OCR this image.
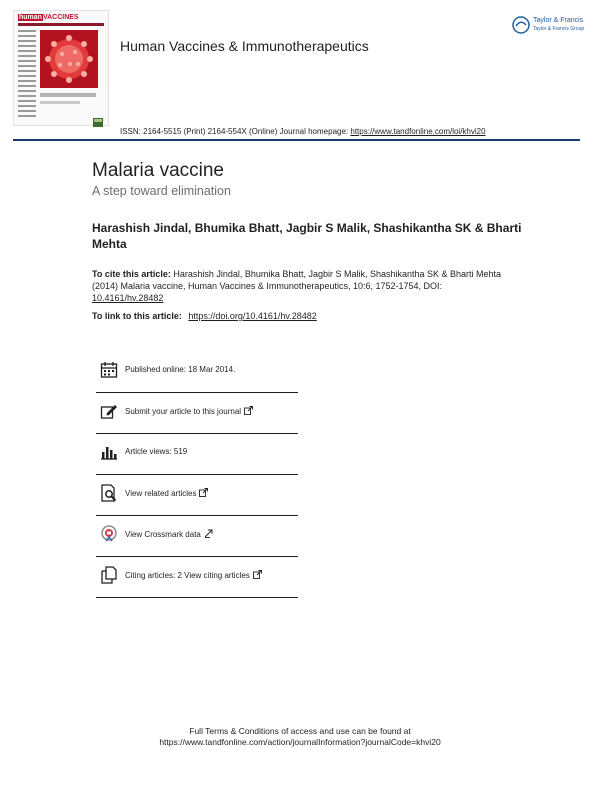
humanVACCINES	Taylor & Francis
Taylor & Francis Group
Human Vaccines & Immunotherapeutics
ISSN: 2164-5515 (Print) 2164-554X (Online) Journal homepage: https://www.tandfonline.com/loi/khvi20
Malaria vaccine
A step toward elimination
Harashish Jindal, Bhumika Bhatt, Jagbir S Malik, Shashikantha SK & Bharti Mehta
To cite this article: Harashish Jindal, Bhumika Bhatt, Jagbir S Malik, Shashikantha SK & Bharti Mehta (2014) Malaria vaccine, Human Vaccines & Immunotherapeutics, 10:6, 1752-1754, DOI: 10.4161/hv.28482
To link to this article: https://doi.org/10.4161/hv.28482
Published online: 18 Mar 2014.
Submit your article to this journal
Article views: 519
View related articles
View Crossmark data
Citing articles: 2 View citing articles
Full Terms & Conditions of access and use can be found at
https://www.tandfonline.com/action/journalInformation?journalCode=khvi20
